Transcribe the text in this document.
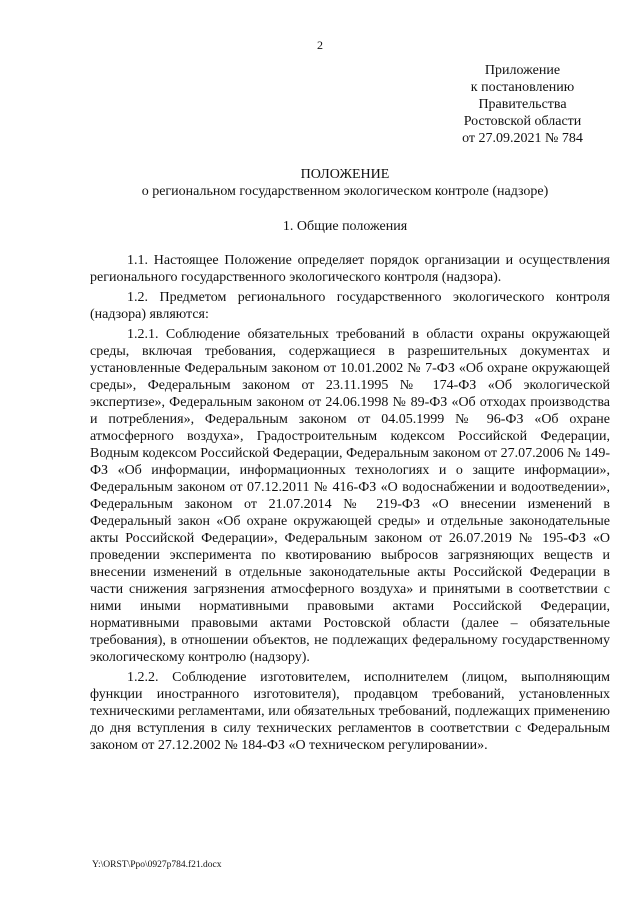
2
Приложение
к постановлению
Правительства
Ростовской области
от 27.09.2021 № 784
ПОЛОЖЕНИЕ
о региональном государственном экологическом контроле (надзоре)
1. Общие положения

1.1. Настоящее Положение определяет порядок организации и осуществления регионального государственного экологического контроля (надзора).

1.2. Предметом регионального государственного экологического контроля (надзора) являются:

1.2.1. Соблюдение обязательных требований в области охраны окружающей среды, включая требования, содержащиеся в разрешительных документах и установленные Федеральным законом от 10.01.2002 № 7-ФЗ «Об охране окружающей среды», Федеральным законом от 23.11.1995 № 174-ФЗ «Об экологической экспертизе», Федеральным законом от 24.06.1998 № 89-ФЗ «Об отходах производства и потребления», Федеральным законом от 04.05.1999 № 96-ФЗ «Об охране атмосферного воздуха», Градостроительным кодексом Российской Федерации, Водным кодексом Российской Федерации, Федеральным законом от 27.07.2006 № 149-ФЗ «Об информации, информационных технологиях и о защите информации», Федеральным законом от 07.12.2011 № 416-ФЗ «О водоснабжении и водоотведении», Федеральным законом от 21.07.2014 № 219-ФЗ «О внесении изменений в Федеральный закон «Об охране окружающей среды» и отдельные законодательные акты Российской Федерации», Федеральным законом от 26.07.2019 № 195-ФЗ «О проведении эксперимента по квотированию выбросов загрязняющих веществ и внесении изменений в отдельные законодательные акты Российской Федерации в части снижения загрязнения атмосферного воздуха» и принятыми в соответствии с ними иными нормативными правовыми актами Российской Федерации, нормативными правовыми актами Ростовской области (далее – обязательные требования), в отношении объектов, не подлежащих федеральному государственному экологическому контролю (надзору).

1.2.2. Соблюдение изготовителем, исполнителем (лицом, выполняющим функции иностранного изготовителя), продавцом требований, установленных техническими регламентами, или обязательных требований, подлежащих применению до дня вступления в силу технических регламентов в соответствии с Федеральным законом от 27.12.2002 № 184-ФЗ «О техническом регулировании».

Y:\ORST\Ppo\0927p784.f21.docx
